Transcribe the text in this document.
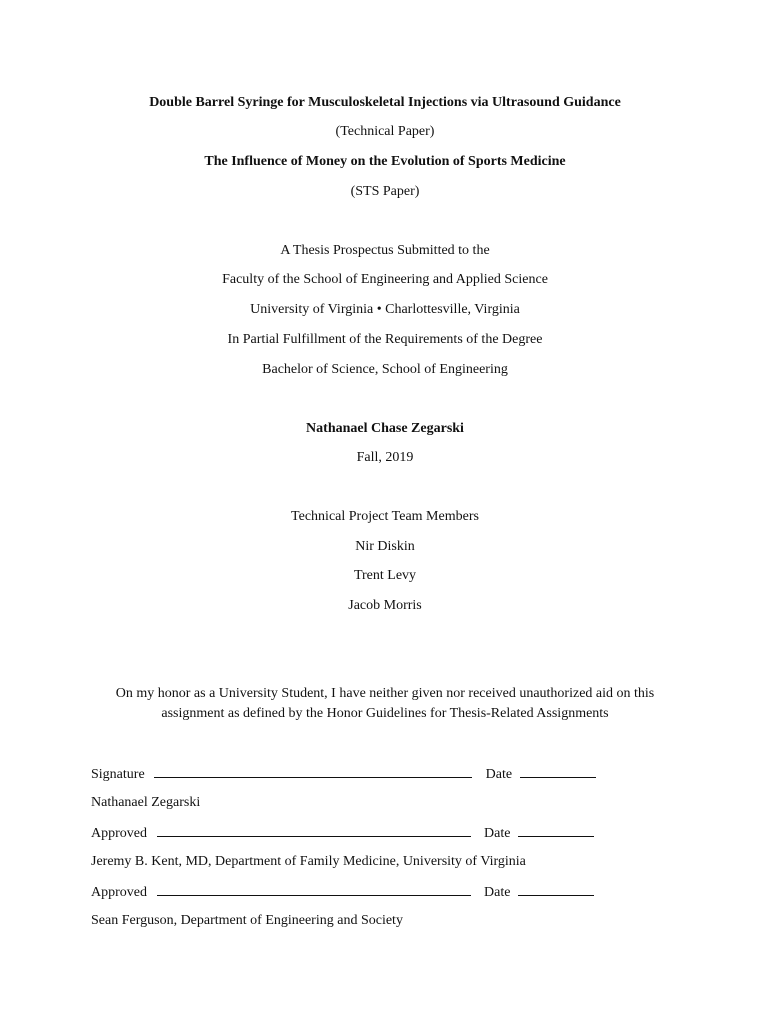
Double Barrel Syringe for Musculoskeletal Injections via Ultrasound Guidance
(Technical Paper)
The Influence of Money on the Evolution of Sports Medicine
(STS Paper)
A Thesis Prospectus Submitted to the
Faculty of the School of Engineering and Applied Science
University of Virginia • Charlottesville, Virginia
In Partial Fulfillment of the Requirements of the Degree
Bachelor of Science, School of Engineering
Nathanael Chase Zegarski
Fall, 2019
Technical Project Team Members
Nir Diskin
Trent Levy
Jacob Morris
On my honor as a University Student, I have neither given nor received unauthorized aid on this
assignment as defined by the Honor Guidelines for Thesis-Related Assignments
Signature	Date
Nathanael Zegarski
Approved	Date
Jeremy B. Kent, MD, Department of Family Medicine, University of Virginia
Approved	Date
Sean Ferguson, Department of Engineering and Society
